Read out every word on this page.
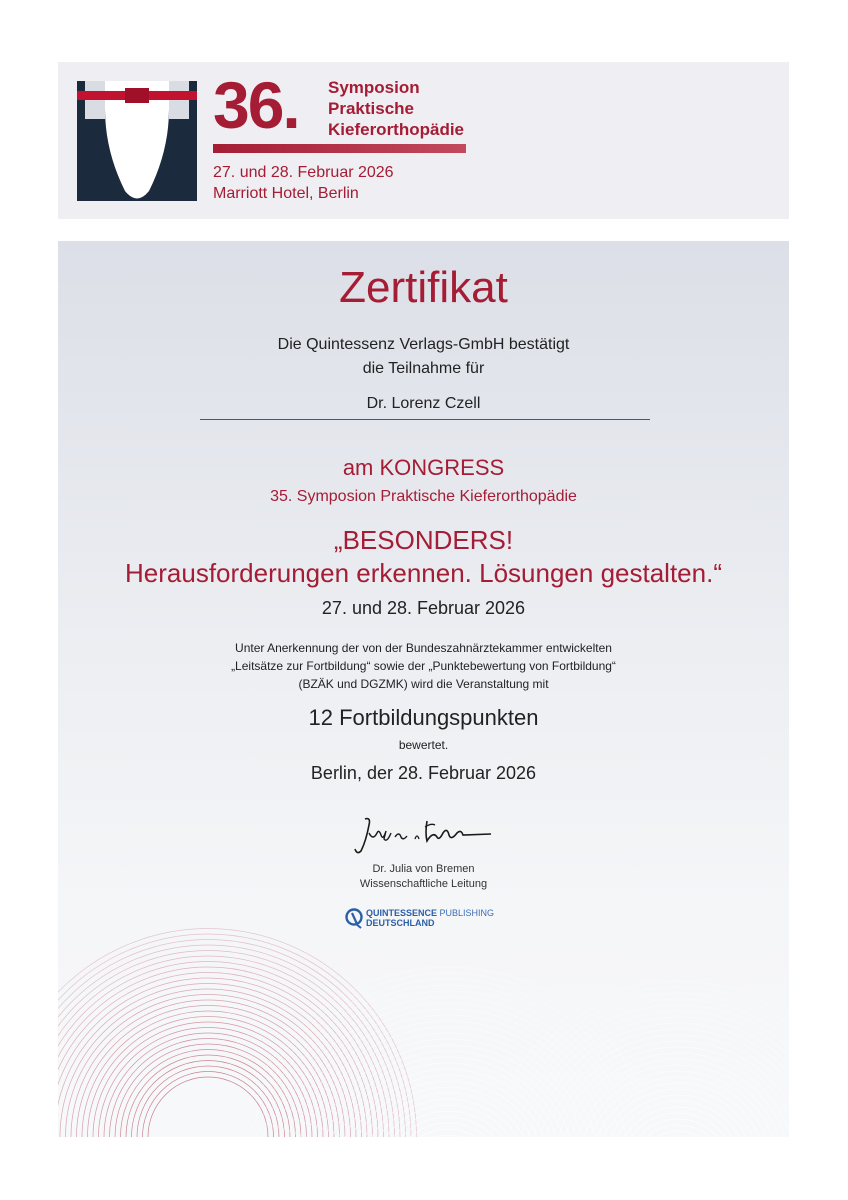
36. Symposion
Praktische
Kieferorthopädie
27. und 28. Februar 2026
Marriott Hotel, Berlin
Zertifikat
Die Quintessenz Verlags-GmbH bestätigt
die Teilnahme für
Dr. Lorenz Czell
am KONGRESS
35. Symposion Praktische Kieferorthopädie
„BESONDERS!
Herausforderungen erkennen. Lösungen gestalten.“
27. und 28. Februar 2026
Unter Anerkennung der von der Bundeszahnärztekammer entwickelten
„Leitsätze zur Fortbildung“ sowie der „Punktebewertung von Fortbildung“
(BZÄK und DGZMK) wird die Veranstaltung mit
12 Fortbildungspunkten
bewertet.
Berlin, der 28. Februar 2026
Dr. Julia von Bremen
Wissenschaftliche Leitung
QUINTESSENCE PUBLISHING
DEUTSCHLAND
